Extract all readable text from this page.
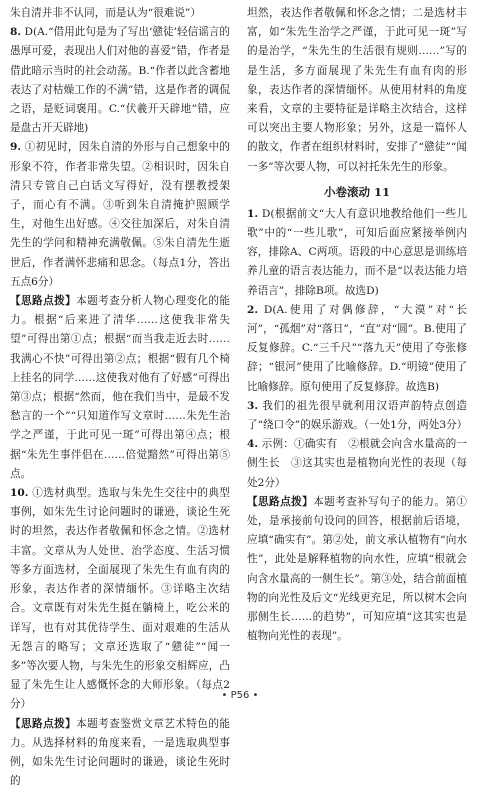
朱自清并非不认同，而是认为“很难说”）

8. D(A.“借用此句是为了写出‘戆徒’轻信谣言的愚厚可爱，表现出人们对他的喜爱”错，作者是借此暗示当时的社会动荡。B.“作者以此含蓄地表达了对枯燥工作的不满”错，这是作者的调侃之语，是贬词褒用。C.“伏羲开天辟地”错，应是盘古开天辟地)

9. ①初见时，因朱自清的外形与自己想象中的形象不符，作者非常失望。②相识时，因朱自清只专管自己白话文写得好，没有摆教授架子，而心有不满。③听到朱自清掩护照顾学生，对他生出好感。④交往加深后，对朱自清先生的学问和精神充满敬佩。⑤朱自清先生逝世后，作者满怀悲痛和思念。（每点1分，答出五点6分）

【思路点拨】本题考查分析人物心理变化的能力。根据“后来进了清华……这使我非常失望”可得出第①点；根据“而当我走近去时……我满心不快”可得出第②点；根据“假有几个椅上挂名的同学……这使我对他有了好感”可得出第③点；根据“然而，他在我们当中，是最不发愁言的一个”“只知道作写文章时……朱先生治学之严谨，于此可见一斑”可得出第④点；根据“朱先生事伴侣在……倍觉黯然”可得出第⑤点。

10. ①选材典型。选取与朱先生交往中的典型事例，如朱先生讨论问题时的谦逊，谈论生死时的坦然，表达作者敬佩和怀念之情。②选材丰富。文章从为人处世、治学态度、生活习惯等多方面选材，全面展现了朱先生有血有肉的形象，表达作者的深情缅怀。③详略主次结合。文章既有对朱先生挺在躺椅上，吃公米的详写，也有对其优待学生、面对艰难的生活从无怨言的略写；文章还选取了“戆徒”“闻一多”等次要人物，与朱先生的形象交相辉应，凸显了朱先生让人感慨怀念的大师形象。（每点2分）

【思路点拨】本题考查鉴赏文章艺术特色的能力。从选择材料的角度来看，一是选取典型事例，如朱先生讨论问题时的谦逊，谈论生死时的

坦然，表达作者敬佩和怀念之情；二是选材丰富，如“朱先生治学之严谨，于此可见一斑”写的是治学，“朱先生的生活很有规则……”写的是生活，多方面展现了朱先生有血有肉的形象，表达作者的深情缅怀。从使用材料的角度来看，文章的主要特征是详略主次结合，这样可以突出主要人物形象；另外，这是一篇怀人的散文，作者在组织材料时，安排了“戆徒”“闻一多”等次要人物，可以衬托朱先生的形象。

小卷滚动 11

1. D(根据前文“大人有意识地教给他们一些儿歌”中的“一些儿歌”，可知后面应紧接举例内容，排除A、C两项。语段的中心意思是训练培养儿童的语言表达能力，而不是“以表达能力培养语言”，排除B项。故选D)

2. D(A.使用了对偶修辞，“大漠”对“长河”，“孤烟”对“落日”，“直”对“圆”。B.使用了反复修辞。C.“三千尺”“落九天”使用了夸张修辞；“银河”使用了比喻修辞。D.“明镜”使用了比喻修辞。原句使用了反复修辞。故选B)

3. 我们的祖先很早就利用汉语声韵特点创造了“绕口令”的娱乐游戏。（一处1分，两处3分）

4. 示例：①确实有　②根就会向含水量高的一侧生长　③这其实也是植物向光性的表现（每处2分）

【思路点拨】本题考查补写句子的能力。第①处，是承接前句设问的回答，根据前后语境，应填“确实有”。第②处，前文承认植物有“向水性”，此处是解释植物的向水性，应填“根就会向含水量高的一侧生长”。第③处，结合前面植物的向光性及后文“光线更充足，所以树木会向那侧生长……的趋势”，可知应填“这其实也是植物向光性的表现”。

• P56 •
